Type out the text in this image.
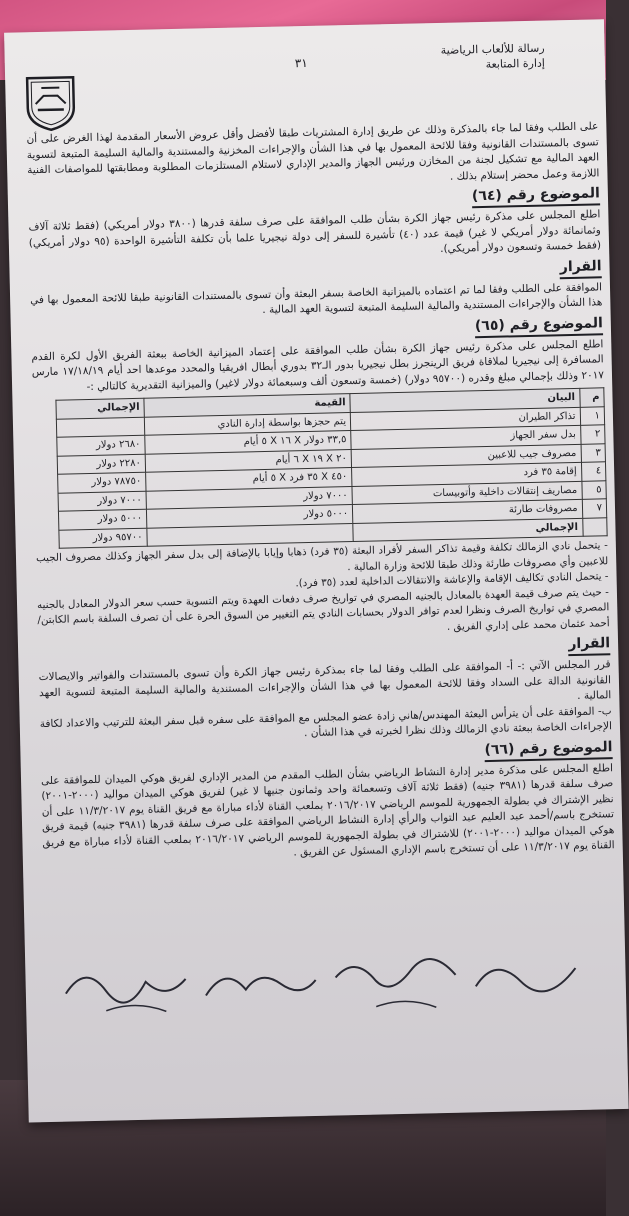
رسالة للألعاب الرياضية
إدارة المتابعة
٣١

على الطلب وفقا لما جاء بالمذكرة وذلك عن طريق إدارة المشتريات طبقا لأفضل وأقل عروض الأسعار المقدمة لهذا الغرض على أن تسوى بالمستندات القانونية وفقا للائحة المعمول بها في هذا الشأن والإجراءات المخزنية والمستندية والمالية السليمة المتبعة لتسوية العهد المالية مع تشكيل لجنة من المخازن ورئيس الجهاز والمدير الإداري لاستلام المستلزمات المطلوبة ومطابقتها للمواصفات الفنية اللازمة وعمل محضر إستلام بذلك .

الموضوع رقم (٦٤)

اطلع المجلس على مذكرة رئيس جهاز الكرة بشأن طلب الموافقة على صرف سلفة قدرها (٣٨٠٠ دولار أمريكي) (فقط ثلاثة آلاف وثمانمائة دولار أمريكي لا غير) قيمة عدد (٤٠) تأشيرة للسفر إلى دولة نيجيريا علما بأن تكلفة التأشيرة الواحدة (٩٥ دولار أمريكي) (فقط خمسة وتسعون دولار أمريكي).

القرار

الموافقة على الطلب وفقا لما تم اعتماده بالميزانية الخاصة بسفر البعثة وأن تسوى بالمستندات القانونية طبقا للائحة المعمول بها في هذا الشأن والإجراءات المستندية والمالية السليمة المتبعة لتسوية العهد المالية .

الموضوع رقم (٦٥)

اطلع المجلس على مذكرة رئيس جهاز الكرة بشأن طلب الموافقة على إعتماد الميزانية الخاصة ببعثة الفريق الأول لكرة القدم المسافرة إلى نيجيريا لملاقاة فريق الرينجرز بطل نيجيريا بدور الـ٣٢ بدوري أبطال افريقيا والمحدد موعدها احد أيام ١٧/١٨/١٩ مارس ٢٠١٧ وذلك بإجمالي مبلغ وقدره (٩٥٧٠٠ دولار) (خمسة وتسعون ألف وسبعمائة دولار لاغير) والميزانية التقديرية كالتالي :-

م	البيان	القيمة	الإجمالي
١	تذاكر الطيران	يتم حجزها بواسطة إدارة النادي	
٢	بدل سفر الجهاز	٣٣,٥ دولار X ١٦ X ٥ أيام	٢٦٨٠ دولار
٣	مصروف جيب للاعبين	٢٠ X ١٩ X ٦ أيام	٢٢٨٠ دولار
٤	إقامة ٣٥ فرد	٤٥٠ X ٣٥ فرد X ٥ أيام	٧٨٧٥٠ دولار
٥	مصاريف إنتقالات داخلية وأتوبيسات	٧٠٠٠ دولار	٧٠٠٠ دولار
٧	مصروفات طارئة	٥٠٠٠ دولار	٥٠٠٠ دولار
	الإجمالي		٩٥٧٠٠ دولار

- يتحمل نادي الزمالك تكلفة وقيمة تذاكر السفر لأفراد البعثة (٣٥ فرد) ذهابا وإيابا بالإضافة إلى بدل سفر الجهاز وكذلك مصروف الجيب للاعبين وأي مصروفات طارئة وذلك طبقا للائحة وزارة المالية .

- يتحمل النادي تكاليف الإقامة والإعاشة والانتقالات الداخلية لعدد (٣٥ فرد).

- حيث يتم صرف قيمة العهدة بالمعادل بالجنيه المصري في تواريخ صرف دفعات العهدة ويتم التسوية حسب سعر الدولار المعادل بالجنيه المصري في تواريخ الصرف ونظرا لعدم توافر الدولار بحسابات النادي يتم التغيير من السوق الحرة على أن تصرف السلفة باسم الكابتن/أحمد عثمان محمد على إداري الفريق .

القرار

قرر المجلس الآتي :- أ- الموافقة على الطلب وفقا لما جاء بمذكرة رئيس جهاز الكرة وأن تسوى بالمستندات والفواتير والايصالات القانونية الدالة على السداد وفقا للائحة المعمول بها في هذا الشأن والإجراءات المستندية والمالية السليمة المتبعة لتسوية العهد المالية .

ب- الموافقة على أن يترأس البعثة المهندس/هاني زادة عضو المجلس مع الموافقة على سفره قبل سفر البعثة للترتيب والاعداد لكافة الإجراءات الخاصة ببعثة نادي الزمالك وذلك نظرا لخبرته في هذا الشأن .

الموضوع رقم (٦٦)

اطلع المجلس على مذكرة مدير إدارة النشاط الرياضي بشأن الطلب المقدم من المدير الإداري لفريق هوكي الميدان للموافقة على صرف سلفة قدرها (٣٩٨١ جنيه) (فقط ثلاثة آلاف وتسعمائة واحد وثمانون جنيها لا غير) لفريق هوكي الميدان مواليد (٢٠٠٠-٢٠٠١) نظير الإشتراك في بطولة الجمهورية للموسم الرياضي ٢٠١٦/٢٠١٧ بملعب القناة لأداء مباراة مع فريق القناة يوم ١١/٣/٢٠١٧ على أن تستخرج باسم/أحمد عبد العليم عبد التواب والرأي إدارة النشاط الرياضي الموافقة على صرف سلفة قدرها (٣٩٨١ جنيه) قيمة فريق هوكي الميدان مواليد (٢٠٠٠-٢٠٠١) للاشتراك في بطولة الجمهورية للموسم الرياضي ٢٠١٦/٢٠١٧ بملعب القناة لأداء مباراة مع فريق القناة يوم ١١/٣/٢٠١٧ على أن تستخرج باسم الإداري المسئول عن الفريق .
